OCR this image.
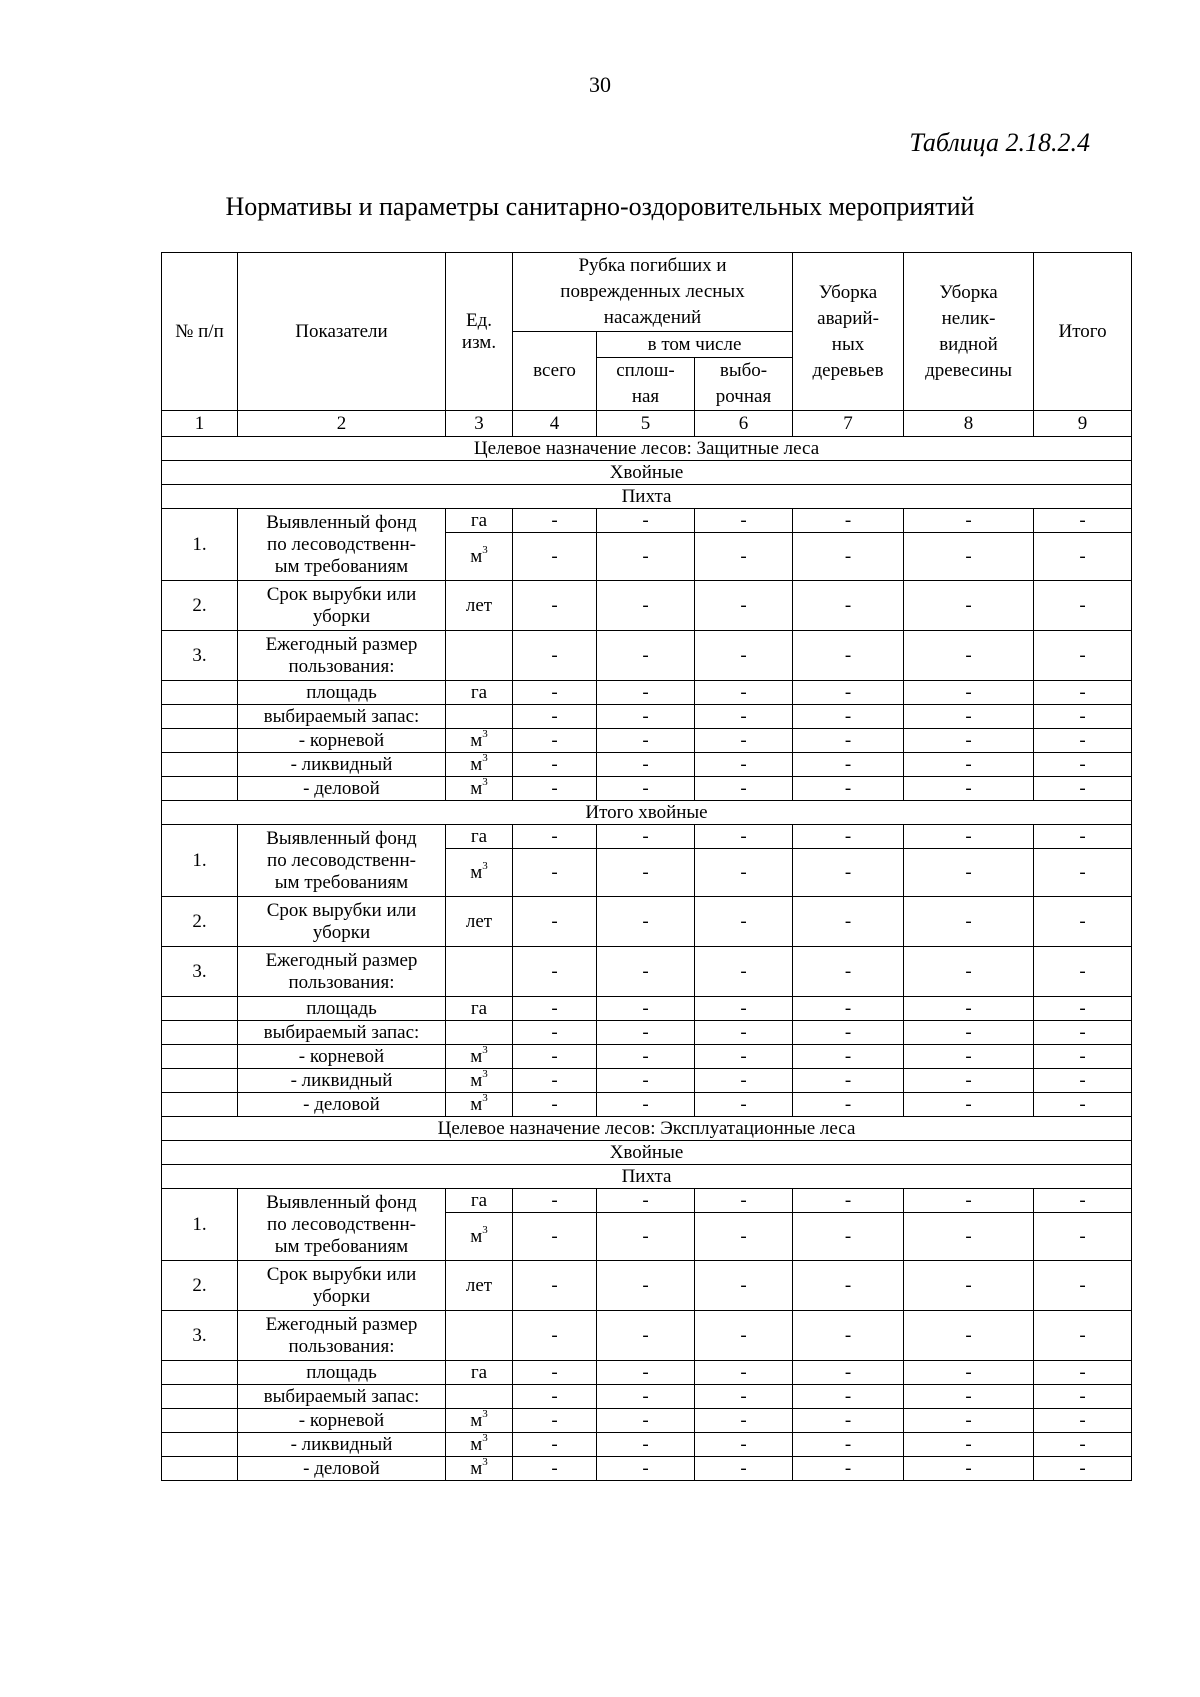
30
Таблица 2.18.2.4
Нормативы и параметры санитарно-оздоровительных мероприятий
№ п/п	Показатели	Ед. изм.	Рубка погибших и поврежденных лесных насаждений			Уборка аварий-ных деревьев	Уборка нелик-видной древесины	Итого
			всего	в том числе				

				сплош-ная	выбо-рочная			

1	2	3	4	5	6	7	8	9
Целевое назначение лесов: Защитные леса								
Хвойные								
Пихта								
1.	Выявленный фонд по лесоводственн-ым требованиям	га	-	-	-	-	-	-
		$м^3$	-	-	-	-	-	-
2.	Срок вырубки или уборки	лет	-	-	-	-	-	-
3.	Ежегодный размер пользования:		-	-	-	-	-	-
	площадь	га	-	-	-	-	-	-
	выбираемый запас:		-	-	-	-	-	-
	- корневой	$м^3$	-	-	-	-	-	-
	- ликвидный	$м^3$	-	-	-	-	-	-
	- деловой	$м^3$	-	-	-	-	-	-
Итого хвойные								
1.	Выявленный фонд по лесоводственн-ым требованиям	га	-	-	-	-	-	-
		$м^3$	-	-	-	-	-	-
2.	Срок вырубки или уборки	лет	-	-	-	-	-	-
3.	Ежегодный размер пользования:		-	-	-	-	-	-
	площадь	га	-	-	-	-	-	-
	выбираемый запас:		-	-	-	-	-	-
	- корневой	$м^3$	-	-	-	-	-	-
	- ликвидный	$м^3$	-	-	-	-	-	-
	- деловой	$м^3$	-	-	-	-	-	-
Целевое назначение лесов: Эксплуатационные леса								
Хвойные								
Пихта								
1.	Выявленный фонд по лесоводственн-ым требованиям	га	-	-	-	-	-	-
		$м^3$	-	-	-	-	-	-
2.	Срок вырубки или уборки	лет	-	-	-	-	-	-
3.	Ежегодный размер пользования:		-	-	-	-	-	-
	площадь	га	-	-	-	-	-	-
	выбираемый запас:		-	-	-	-	-	-
	- корневой	$м^3$	-	-	-	-	-	-
	- ликвидный	$м^3$	-	-	-	-	-	-
	- деловой	$м^3$	-	-	-	-	-	-
